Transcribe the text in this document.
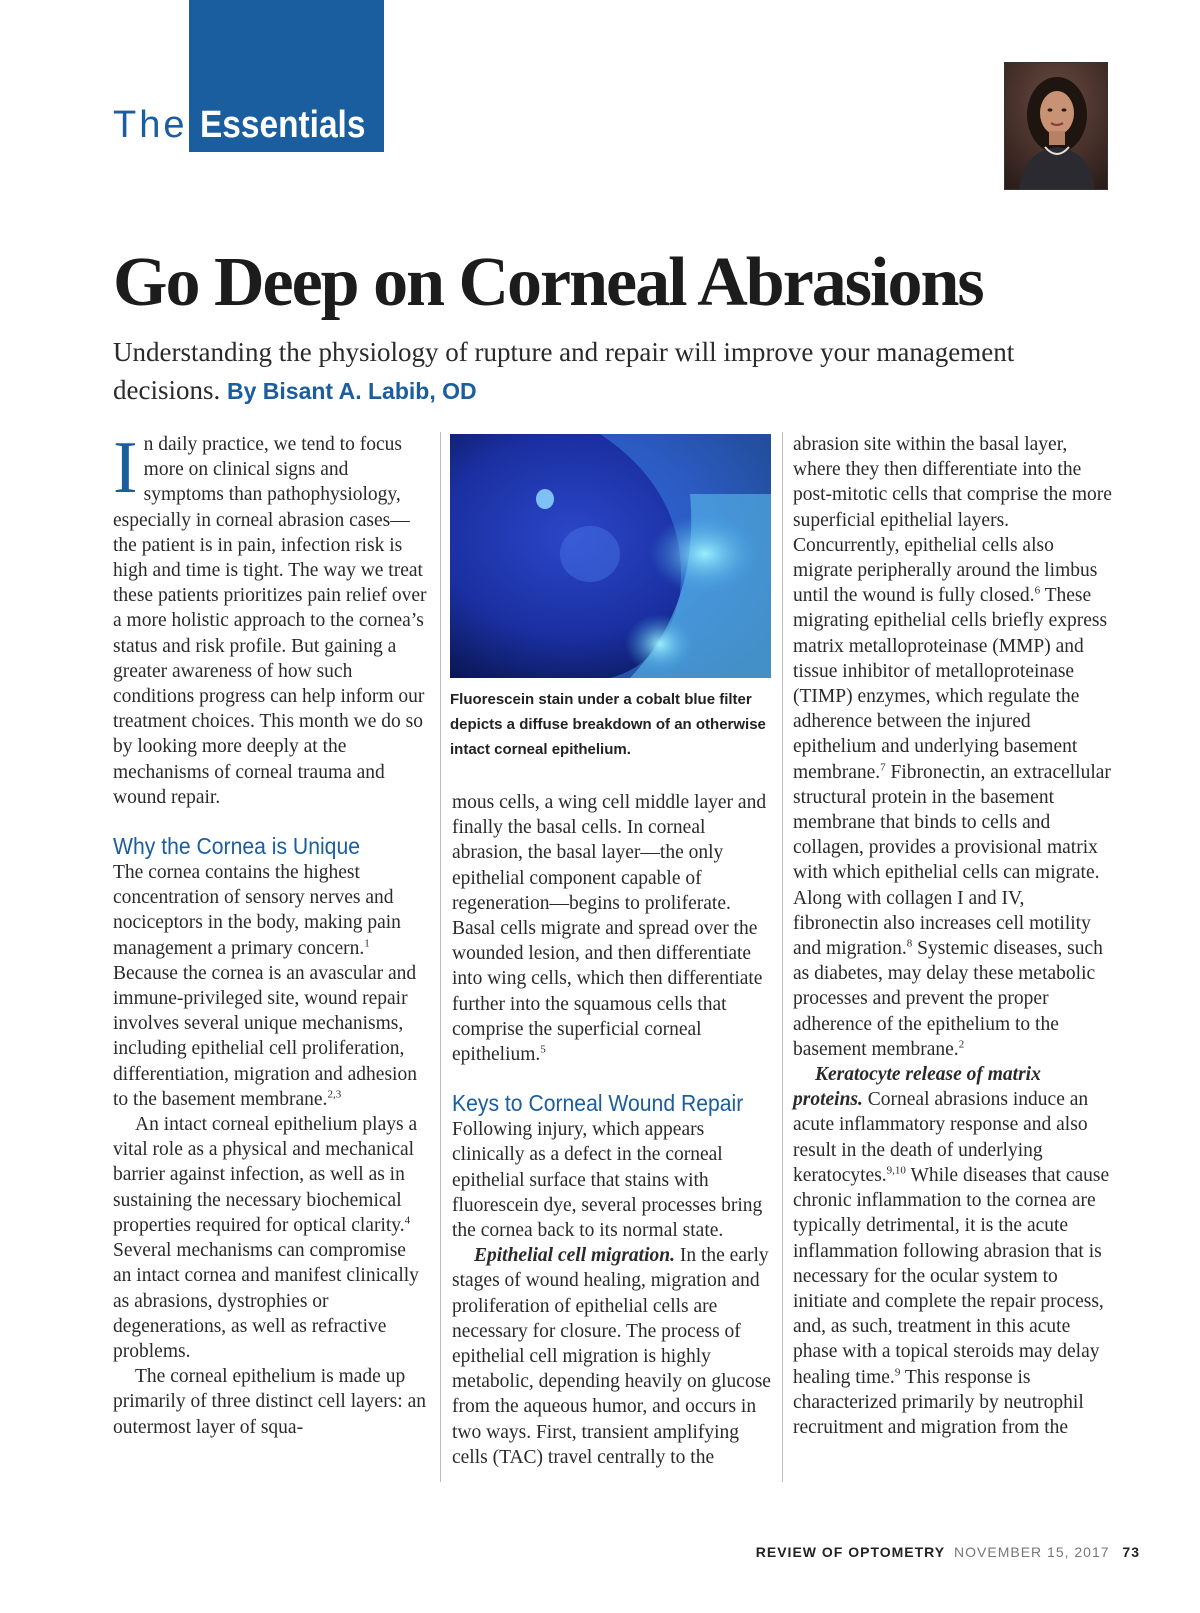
The Essentials
Go Deep on Corneal Abrasions
Understanding the physiology of rupture and repair will improve your management decisions. By Bisant A. Labib, OD

In daily practice, we tend to focus more on clinical signs and symptoms than pathophysiology, especially in corneal abrasion cases—the patient is in pain, infection risk is high and time is tight. The way we treat these patients prioritizes pain relief over a more holistic approach to the cornea’s status and risk profile. But gaining a greater awareness of how such conditions progress can help inform our treatment choices. This month we do so by looking more deeply at the mechanisms of corneal trauma and wound repair.

Why the Cornea is Unique

The cornea contains the highest concentration of sensory nerves and nociceptors in the body, making pain management a primary concern.$^1$ Because the cornea is an avascular and immune-privileged site, wound repair involves several unique mechanisms, including epithelial cell proliferation, differentiation, migration and adhesion to the basement membrane.$^{2,3}$

An intact corneal epithelium plays a vital role as a physical and mechanical barrier against infection, as well as in sustaining the necessary biochemical properties required for optical clarity.$^4$ Several mechanisms can compromise an intact cornea and manifest clinically as abrasions, dystrophies or degenerations, as well as refractive problems.

The corneal epithelium is made up primarily of three distinct cell layers: an outermost layer of squa-

Fluorescein stain under a cobalt blue filter depicts a diffuse breakdown of an otherwise intact corneal epithelium.

mous cells, a wing cell middle layer and finally the basal cells. In corneal abrasion, the basal layer—the only epithelial component capable of regeneration—begins to proliferate. Basal cells migrate and spread over the wounded lesion, and then differentiate into wing cells, which then differentiate further into the squamous cells that comprise the superficial corneal epithelium.$^5$

Keys to Corneal Wound Repair

Following injury, which appears clinically as a defect in the corneal epithelial surface that stains with fluorescein dye, several processes bring the cornea back to its normal state.

Epithelial cell migration. In the early stages of wound healing, migration and proliferation of epithelial cells are necessary for closure. The process of epithelial cell migration is highly metabolic, depending heavily on glucose from the aqueous humor, and occurs in two ways. First, transient amplifying cells (TAC) travel centrally to the

abrasion site within the basal layer, where they then differentiate into the post-mitotic cells that comprise the more superficial epithelial layers. Concurrently, epithelial cells also migrate peripherally around the limbus until the wound is fully closed.$^6$ These migrating epithelial cells briefly express matrix metalloproteinase (MMP) and tissue inhibitor of metalloproteinase (TIMP) enzymes, which regulate the adherence between the injured epithelium and underlying basement membrane.$^7$ Fibronectin, an extracellular structural protein in the basement membrane that binds to cells and collagen, provides a provisional matrix with which epithelial cells can migrate. Along with collagen I and IV, fibronectin also increases cell motility and migration.$^8$ Systemic diseases, such as diabetes, may delay these metabolic processes and prevent the proper adherence of the epithelium to the basement membrane.$^2$

Keratocyte release of matrix proteins. Corneal abrasions induce an acute inflammatory response and also result in the death of underlying keratocytes.$^{9,10}$ While diseases that cause chronic inflammation to the cornea are typically detrimental, it is the acute inflammation following abrasion that is necessary for the ocular system to initiate and complete the repair process, and, as such, treatment in this acute phase with a topical steroids may delay healing time.$^9$ This response is characterized primarily by neutrophil recruitment and migration from the

REVIEW OF OPTOMETRY NOVEMBER 15, 2017 73
